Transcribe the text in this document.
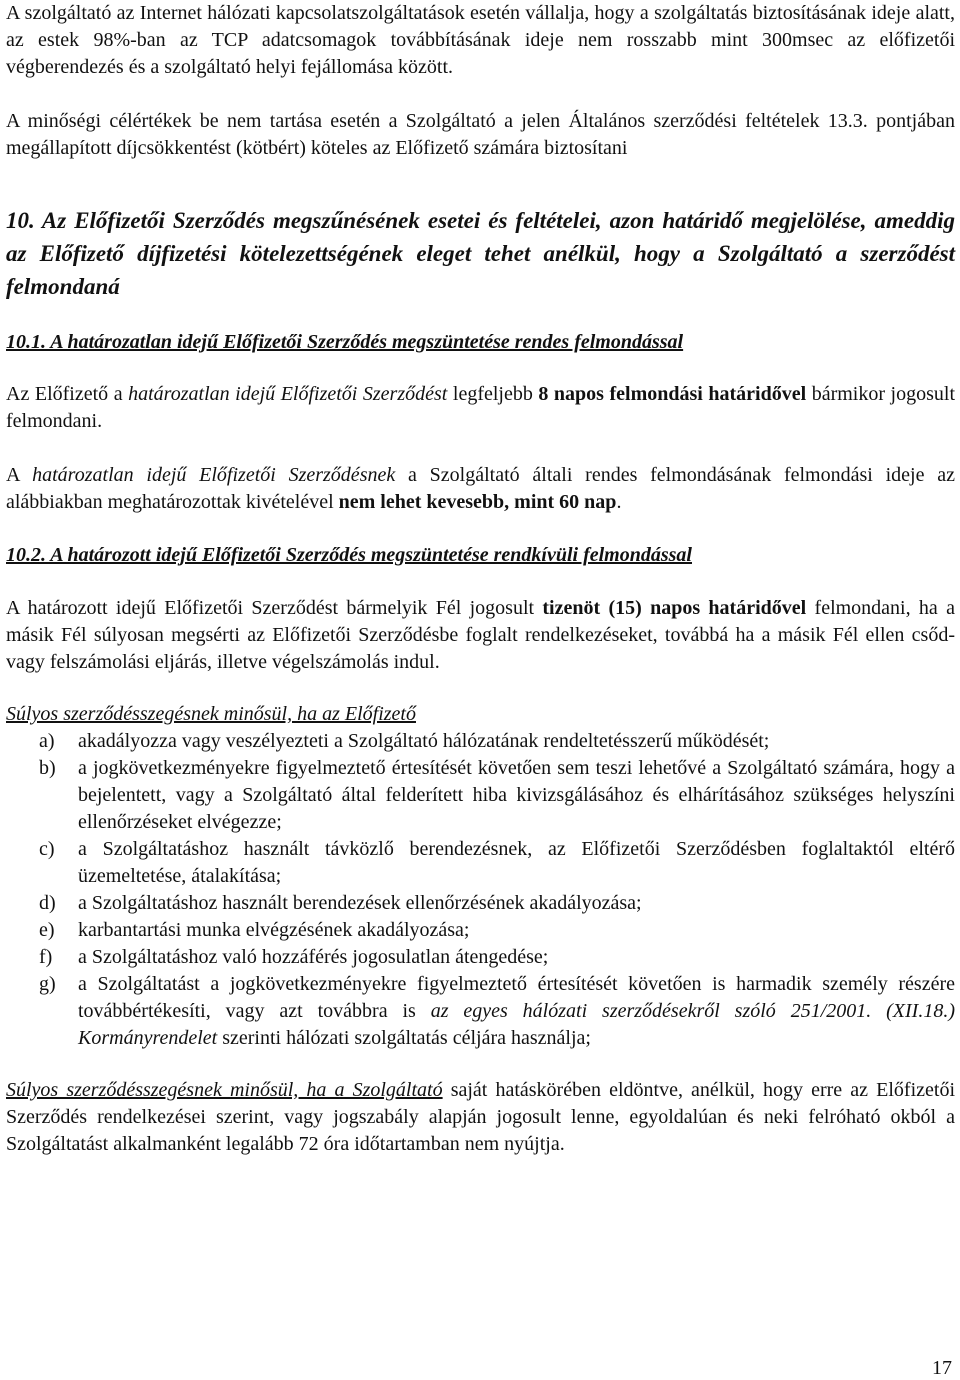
A szolgáltató az Internet hálózati kapcsolatszolgáltatások esetén vállalja, hogy a szolgáltatás biztosításának ideje alatt, az estek 98%-ban az TCP adatcsomagok továbbításának ideje nem rosszabb mint 300msec az előfizetői végberendezés és a szolgáltató helyi fejállomása között.

A minőségi célértékek be nem tartása esetén a Szolgáltató a jelen Általános szerződési feltételek 13.3. pontjában megállapított díjcsökkentést (kötbért) köteles az Előfizető számára biztosítani

10. Az Előfizetői Szerződés megszűnésének esetei és feltételei, azon határidő megjelölése, ameddig az Előfizető díjfizetési kötelezettségének eleget tehet anélkül, hogy a Szolgáltató a szerződést felmondaná

10.1. A határozatlan idejű Előfizetői Szerződés megszüntetése rendes felmondással

Az Előfizető a határozatlan idejű Előfizetői Szerződést legfeljebb 8 napos felmondási határidővel bármikor jogosult felmondani.

A határozatlan idejű Előfizetői Szerződésnek a Szolgáltató általi rendes felmondásának felmondási ideje az alábbiakban meghatározottak kivételével nem lehet kevesebb, mint 60 nap.

10.2. A határozott idejű Előfizetői Szerződés megszüntetése rendkívüli felmondással

A határozott idejű Előfizetői Szerződést bármelyik Fél jogosult tizenöt (15) napos határidővel felmondani, ha a másik Fél súlyosan megsérti az Előfizetői Szerződésbe foglalt rendelkezéseket, továbbá ha a másik Fél ellen csőd- vagy felszámolási eljárás, illetve végelszámolás indul.

Súlyos szerződésszegésnek minősül, ha az Előfizető

a) akadályozza vagy veszélyezteti a Szolgáltató hálózatának rendeltetésszerű működését;
b) a jogkövetkezményekre figyelmeztető értesítését követően sem teszi lehetővé a Szolgáltató számára, hogy a bejelentett, vagy a Szolgáltató által felderített hiba kivizsgálásához és elhárításához szükséges helyszíni ellenőrzéseket elvégezze;
c) a Szolgáltatáshoz használt távközlő berendezésnek, az Előfizetői Szerződésben foglaltaktól eltérő üzemeltetése, átalakítása;
d) a Szolgáltatáshoz használt berendezések ellenőrzésének akadályozása;
e) karbantartási munka elvégzésének akadályozása;
f) a Szolgáltatáshoz való hozzáférés jogosulatlan átengedése;
g) a Szolgáltatást a jogkövetkezményekre figyelmeztető értesítését követően is harmadik személy részére továbbértékesíti, vagy azt továbbra is az egyes hálózati szerződésekről szóló 251/2001. (XII.18.) Kormányrendelet szerinti hálózati szolgáltatás céljára használja;

Súlyos szerződésszegésnek minősül, ha a Szolgáltató saját hatáskörében eldöntve, anélkül, hogy erre az Előfizetői Szerződés rendelkezései szerint, vagy jogszabály alapján jogosult lenne, egyoldalúan és neki felróható okból a Szolgáltatást alkalmanként legalább 72 óra időtartamban nem nyújtja.

17
